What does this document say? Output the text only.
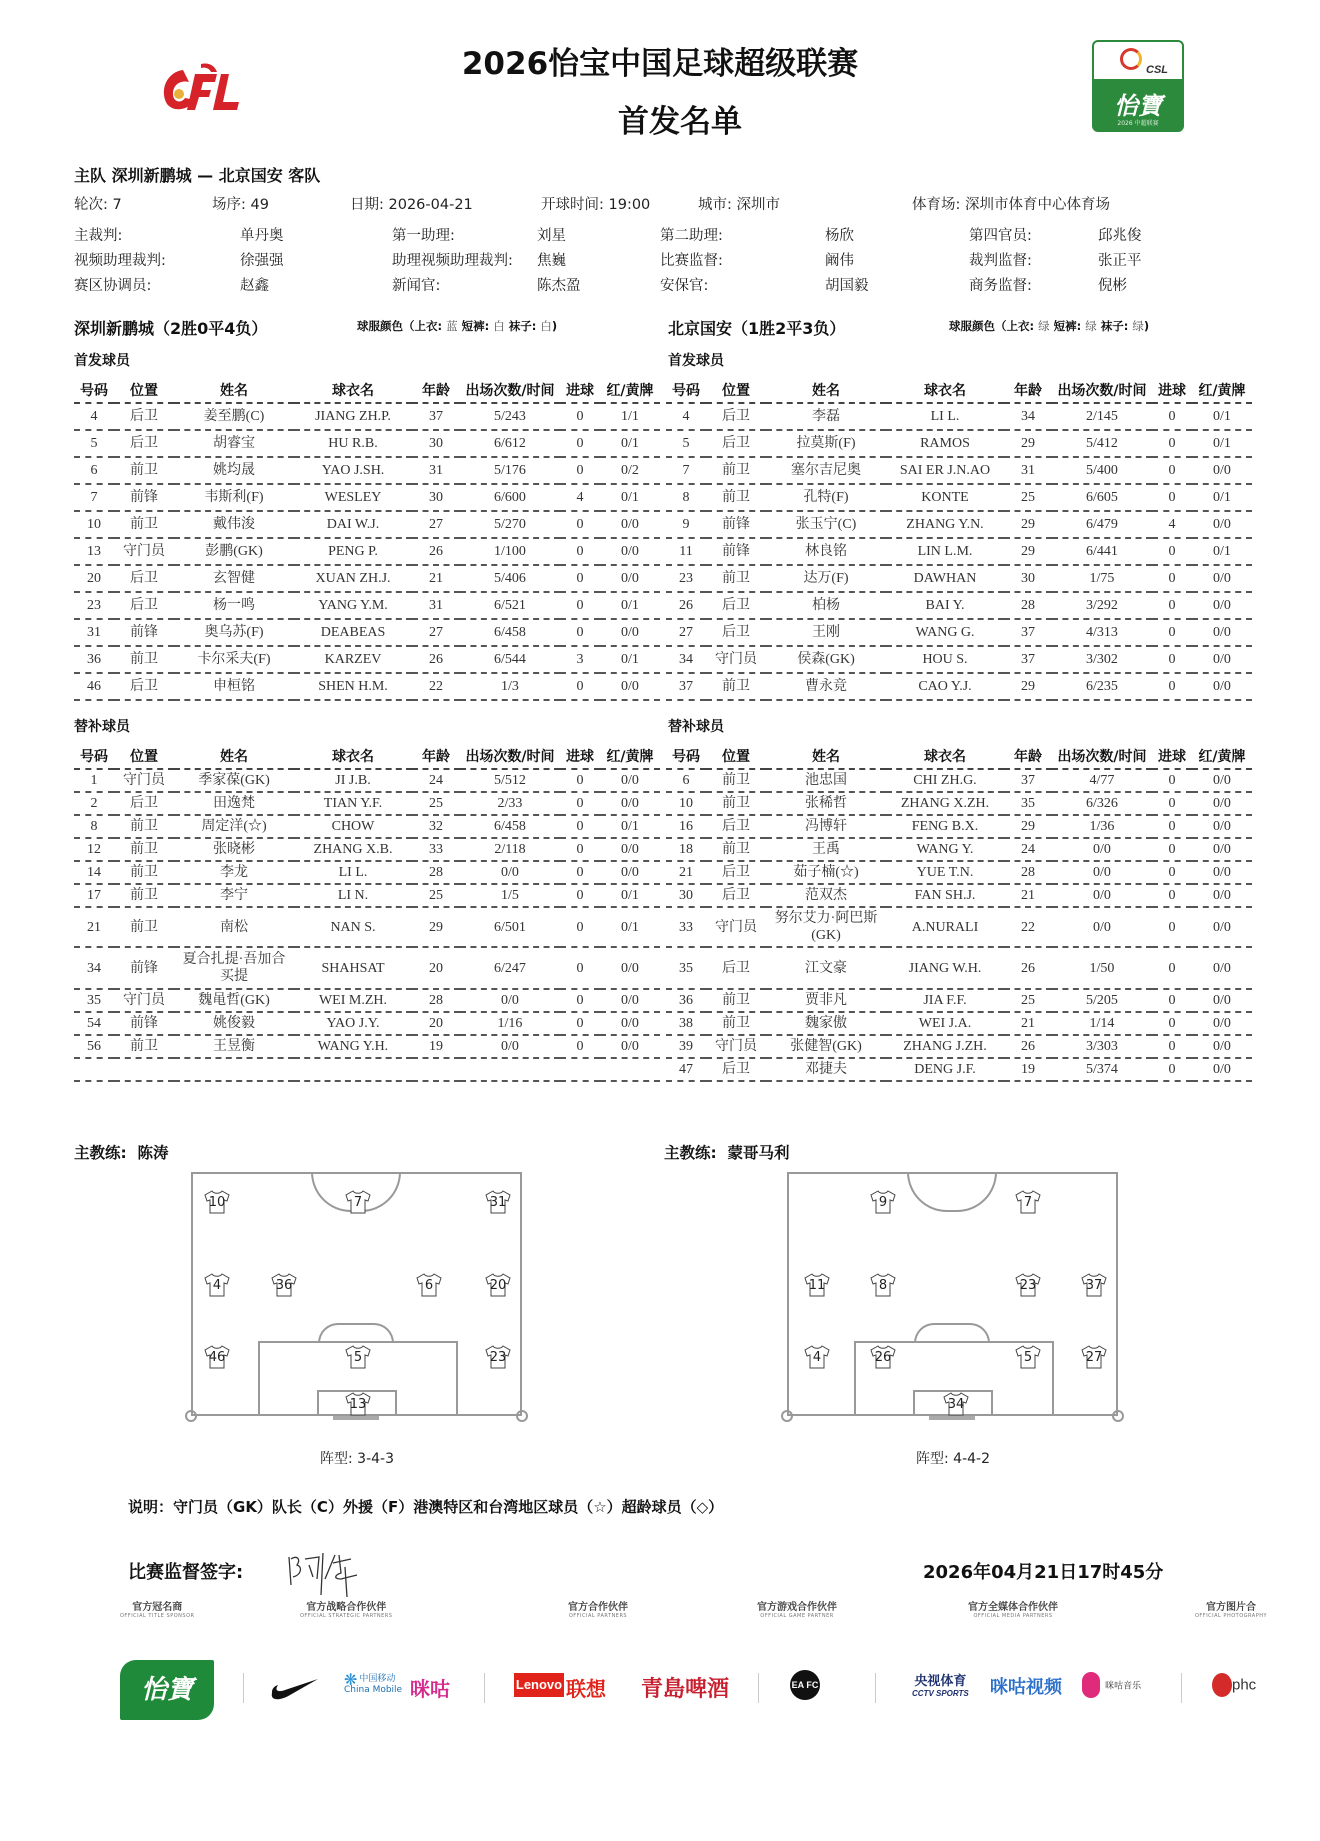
2026怡宝中国足球超级联赛
首发名单
CSL
怡寶
2026 中超联赛
主队 深圳新鹏城 — 北京国安 客队
轮次: 7	场序: 49	日期: 2026-04-21	开球时间: 19:00	城市: 深圳市	体育场: 深圳市体育中心体育场
主裁判:	单丹奥	第一助理:	刘星	第二助理:	杨欣	第四官员:	邱兆俊
视频助理裁判:	徐强强	助理视频助理裁判: 焦巍	比赛监督:	阚伟	裁判监督:	张正平
赛区协调员:	赵鑫	新闻官:	陈杰盈	安保官:	胡国毅	商务监督:	倪彬
深圳新鹏城（2胜0平4负）	球服颜色（上衣: 蓝 短裤: 白 袜子: 白)
首发球员
北京国安（1胜2平3负）	球服颜色（上衣: 绿 短裤: 绿 袜子: 绿)
首发球员
号码	位置	姓名	球衣名	年龄	出场次数/时间	进球	红/黄牌
4	后卫	姜至鹏(C)	JIANG ZH.P.	37	5/243	0	1/1
5	后卫	胡睿宝	HU R.B.	30	6/612	0	0/1
6	前卫	姚均晟	YAO J.SH.	31	5/176	0	0/2
7	前锋	韦斯利(F)	WESLEY	30	6/600	4	0/1
10	前卫	戴伟浚	DAI W.J.	27	5/270	0	0/0
13	守门员	彭鹏(GK)	PENG P.	26	1/100	0	0/0
20	后卫	玄智健	XUAN ZH.J.	21	5/406	0	0/0
23	后卫	杨一鸣	YANG Y.M.	31	6/521	0	0/1
31	前锋	奥乌苏(F)	DEABEAS	27	6/458	0	0/0
36	前卫	卡尔采夫(F)	KARZEV	26	6/544	3	0/1
46	后卫	申桓铭	SHEN H.M.	22	1/3	0	0/0
号码	位置	姓名	球衣名	年龄	出场次数/时间	进球	红/黄牌
4	后卫	李磊	LI L.	34	2/145	0	0/1
5	后卫	拉莫斯(F)	RAMOS	29	5/412	0	0/1
7	前卫	塞尔吉尼奥	SAI ER J.N.AO	31	5/400	0	0/0
8	前卫	孔特(F)	KONTE	25	6/605	0	0/1
9	前锋	张玉宁(C)	ZHANG Y.N.	29	6/479	4	0/0
11	前锋	林良铭	LIN L.M.	29	6/441	0	0/1
23	前卫	达万(F)	DAWHAN	30	1/75	0	0/0
26	后卫	柏杨	BAI Y.	28	3/292	0	0/0
27	后卫	王刚	WANG G.	37	4/313	0	0/0
34	守门员	侯森(GK)	HOU S.	37	3/302	0	0/0
37	前卫	曹永竞	CAO Y.J.	29	6/235	0	0/0
替补球员	替补球员
号码	位置	姓名	球衣名	年龄	出场次数/时间	进球	红/黄牌
1	守门员	季家葆(GK)	JI J.B.	24	5/512	0	0/0
2	后卫	田逸梵	TIAN Y.F.	25	2/33	0	0/0
8	前卫	周定洋(☆)	CHOW	32	6/458	0	0/1
12	前卫	张晓彬	ZHANG X.B.	33	2/118	0	0/0
14	前卫	李龙	LI L.	28	0/0	0	0/0
17	前卫	李宁	LI N.	25	1/5	0	0/1
21	前卫	南松	NAN S.	29	6/501	0	0/1
34	前锋	夏合扎提·吾加合买提	SHAHSAT	20	6/247	0	0/0
35	守门员	魏黾哲(GK)	WEI M.ZH.	28	0/0	0	0/0
54	前锋	姚俊毅	YAO J.Y.	20	1/16	0	0/0
56	前卫	王昱衡	WANG Y.H.	19	0/0	0	0/0

号码	位置	姓名	球衣名	年龄	出场次数/时间	进球	红/黄牌
6	前卫	池忠国	CHI ZH.G.	37	4/77	0	0/0
10	前卫	张稀哲	ZHANG X.ZH.	35	6/326	0	0/0
16	后卫	冯博轩	FENG B.X.	29	1/36	0	0/0
18	前卫	王禹	WANG Y.	24	0/0	0	0/0
21	后卫	茹子楠(☆)	YUE T.N.	28	0/0	0	0/0
30	后卫	范双杰	FAN SH.J.	21	0/0	0	0/0
33	守门员	努尔艾力·阿巴斯(GK)	A.NURALI	22	0/0	0	0/0
35	后卫	江文豪	JIANG W.H.	26	1/50	0	0/0
36	前卫	贾非凡	JIA F.F.	25	5/205	0	0/0
38	前卫	魏家傲	WEI J.A.	21	1/14	0	0/0
39	守门员	张健智(GK)	ZHANG J.ZH.	26	3/303	0	0/0
47	后卫	邓捷夫	DENG J.F.	19	5/374	0	0/0
主教练: 陈涛	主教练: 蒙哥马利
10	7	31
4	36	6	20
46	5	23
13
9	7
11	8	23	37
4	26	5	27
34
阵型: 3-4-3	阵型: 4-4-2
说明：守门员（GK）队长（C）外援（F）港澳特区和台湾地区球员（☆）超龄球员（◇）
比赛监督签字:	2026年04月21日17时45分
官方冠名商
OFFICIAL TITLE SPONSOR
官方战略合作伙伴
OFFICIAL STRATEGIC PARTNERS
官方合作伙伴
OFFICIAL PARTNERS
官方游戏合作伙伴
OFFICIAL GAME PARTNER
官方全媒体合作伙伴
OFFICIAL MEDIA PARTNERS
官方图片合
OFFICIAL PHOTOGRAPHY
怡寶	❋ 中国移动
China Mobile 咪咕	Lenovo 联想 青島啤酒	EA FC	央视体育
CCTV SPORTS 咪咕视频	咪咕音乐	phc
